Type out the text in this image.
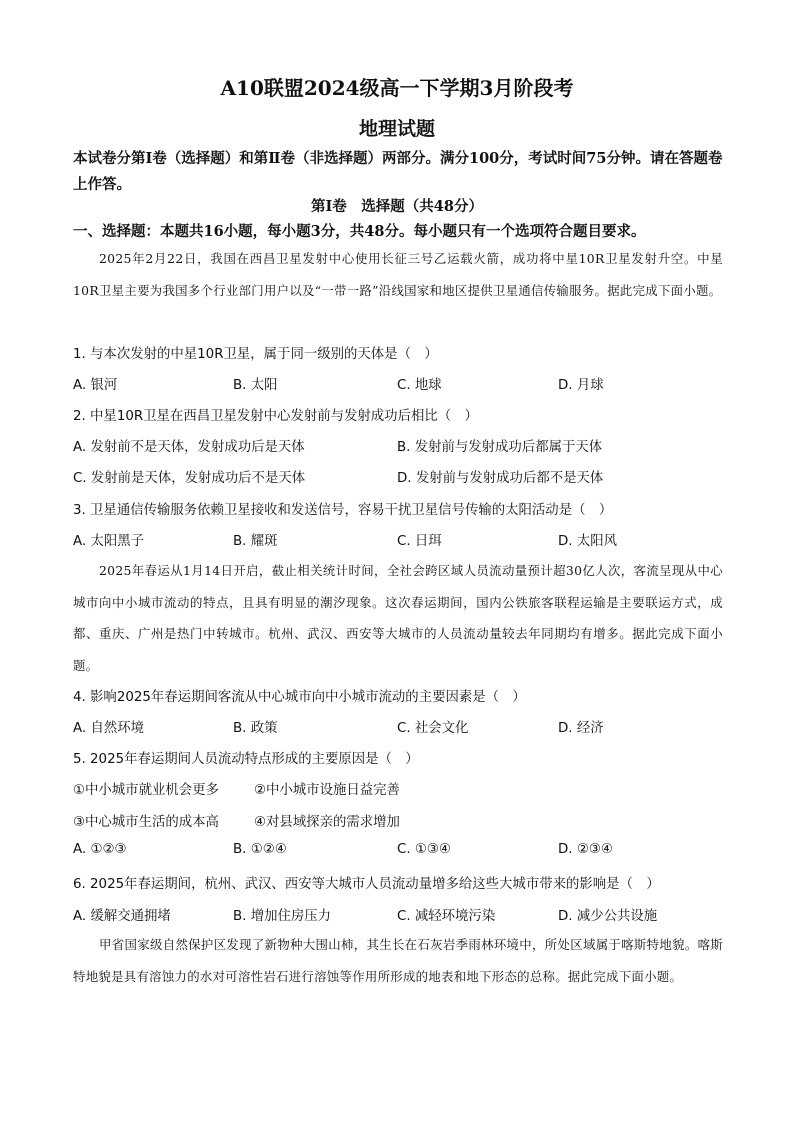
A10联盟2024级高一下学期3月阶段考
地理试题
本试卷分第Ⅰ卷（选择题）和第Ⅱ卷（非选择题）两部分。满分100分，考试时间75分钟。请在答题卷上作答。
第Ⅰ卷　选择题（共48分）
一、选择题：本题共16小题，每小题3分，共48分。每小题只有一个选项符合题目要求。
2025年2月22日，我国在西昌卫星发射中心使用长征三号乙运载火箭，成功将中星10R卫星发射升空。中星10R卫星主要为我国多个行业部门用户以及“一带一路”沿线国家和地区提供卫星通信传输服务。据此完成下面小题。
1. 与本次发射的中星10R卫星，属于同一级别的天体是（　）
A. 银河	B. 太阳	C. 地球	D. 月球
2. 中星10R卫星在西昌卫星发射中心发射前与发射成功后相比（　）
A. 发射前不是天体，发射成功后是天体	B. 发射前与发射成功后都属于天体
C. 发射前是天体，发射成功后不是天体	D. 发射前与发射成功后都不是天体
3. 卫星通信传输服务依赖卫星接收和发送信号，容易干扰卫星信号传输的太阳活动是（　）
A. 太阳黑子	B. 耀斑	C. 日珥	D. 太阳风
2025年春运从1月14日开启，截止相关统计时间，全社会跨区域人员流动量预计超30亿人次，客流呈现从中心城市向中小城市流动的特点，且具有明显的潮汐现象。这次春运期间，国内公铁旅客联程运输是主要联运方式，成都、重庆、广州是热门中转城市。杭州、武汉、西安等大城市的人员流动量较去年同期均有增多。据此完成下面小题。
4. 影响2025年春运期间客流从中心城市向中小城市流动的主要因素是（　）
A. 自然环境	B. 政策	C. 社会文化	D. 经济
5. 2025年春运期间人员流动特点形成的主要原因是（　）
①中小城市就业机会更多	②中小城市设施日益完善
③中心城市生活的成本高	④对县域探亲的需求增加
A. ①②③	B. ①②④	C. ①③④	D. ②③④
6. 2025年春运期间，杭州、武汉、西安等大城市人员流动量增多给这些大城市带来的影响是（　）
A. 缓解交通拥堵	B. 增加住房压力	C. 减轻环境污染	D. 减少公共设施
甲省国家级自然保护区发现了新物种大围山柿，其生长在石灰岩季雨林环境中，所处区域属于喀斯特地貌。喀斯特地貌是具有溶蚀力的水对可溶性岩石进行溶蚀等作用所形成的地表和地下形态的总称。据此完成下面小题。
